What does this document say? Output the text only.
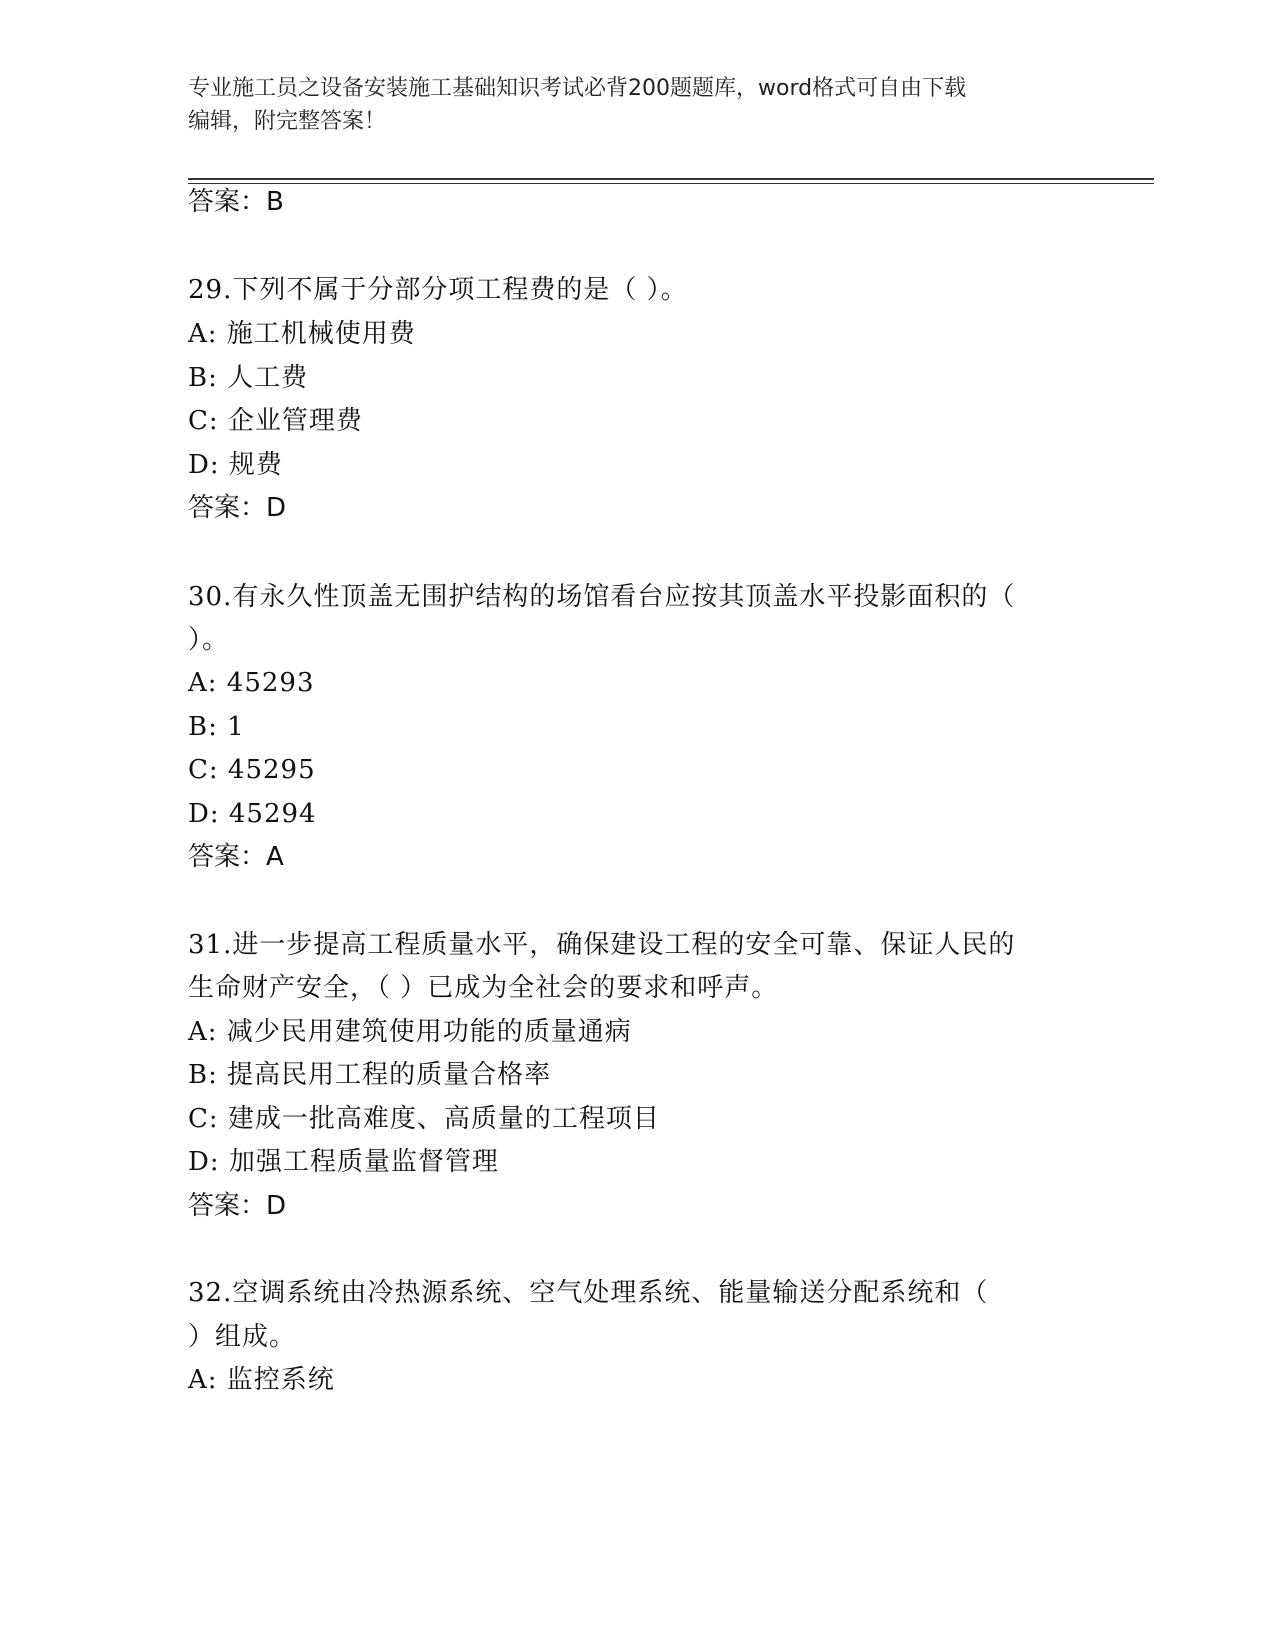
专业施工员之设备安装施工基础知识考试必背200题题库，word格式可自由下载
编辑，附完整答案！
答案：B
29.下列不属于分部分项工程费的是（ ）。
A: 施工机械使用费
B: 人工费
C: 企业管理费
D: 规费
答案：D
30.有永久性顶盖无围护结构的场馆看台应按其顶盖水平投影面积的（
）。
A: 45293
B: 1
C: 45295
D: 45294
答案：A
31.进一步提高工程质量水平，确保建设工程的安全可靠、保证人民的
生命财产安全，（ ）已成为全社会的要求和呼声。
A: 减少民用建筑使用功能的质量通病
B: 提高民用工程的质量合格率
C: 建成一批高难度、高质量的工程项目
D: 加强工程质量监督管理
答案：D
32.空调系统由冷热源系统、空气处理系统、能量输送分配系统和（
）组成。
A: 监控系统
